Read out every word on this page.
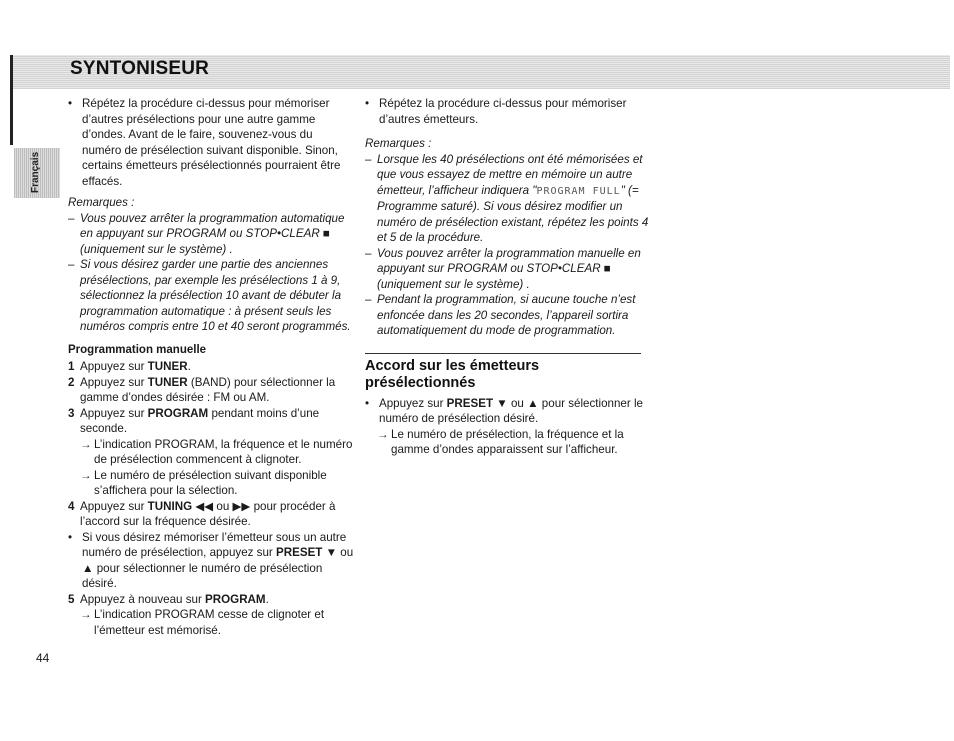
SYNTONISEUR
Français

• Répétez la procédure ci-dessus pour mémoriser d’autres présélections pour une autre gamme d’ondes. Avant de le faire, souvenez-vous du numéro de présélection suivant disponible. Sinon, certains émetteurs présélectionnés pourraient être effacés.

Remarques :

– Vous pouvez arrêter la programmation automatique en appuyant sur PROGRAM ou STOP•CLEAR ■ (uniquement sur le système) .

– Si vous désirez garder une partie des anciennes présélections, par exemple les présélections 1 à 9, sélectionnez la présélection 10 avant de débuter la programmation automatique : à présent seuls les numéros compris entre 10 et 40 seront programmés.

Programmation manuelle

1 Appuyez sur TUNER.

2 Appuyez sur TUNER (BAND) pour sélectionner la gamme d’ondes désirée : FM ou AM.

3 Appuyez sur PROGRAM pendant moins d’une seconde.

→ L’indication PROGRAM, la fréquence et le numéro de présélection commencent à clignoter.

→ Le numéro de présélection suivant disponible s’affichera pour la sélection.

4 Appuyez sur TUNING ◀◀ ou ▶▶ pour procéder à l’accord sur la fréquence désirée.

• Si vous désirez mémoriser l’émetteur sous un autre numéro de présélection, appuyez sur PRESET ▼ ou ▲ pour sélectionner le numéro de présélection désiré.

5 Appuyez à nouveau sur PROGRAM.

→ L’indication PROGRAM cesse de clignoter et l’émetteur est mémorisé.

• Répétez la procédure ci-dessus pour mémoriser d’autres émetteurs.

Remarques :

– Lorsque les 40 présélections ont été mémorisées et que vous essayez de mettre en mémoire un autre émetteur, l’afficheur indiquera "PROGRAM FULL" (= Programme saturé). Si vous désirez modifier un numéro de présélection existant, répétez les points 4 et 5 de la procédure.

– Vous pouvez arrêter la programmation manuelle en appuyant sur PROGRAM ou STOP•CLEAR ■ (uniquement sur le système) .

– Pendant la programmation, si aucune touche n’est enfoncée dans les 20 secondes, l’appareil sortira automatiquement du mode de programmation.

Accord sur les émetteurs présélectionnés

• Appuyez sur PRESET ▼ ou ▲ pour sélectionner le numéro de présélection désiré.

→ Le numéro de présélection, la fréquence et la gamme d’ondes apparaissent sur l’afficheur.

44
